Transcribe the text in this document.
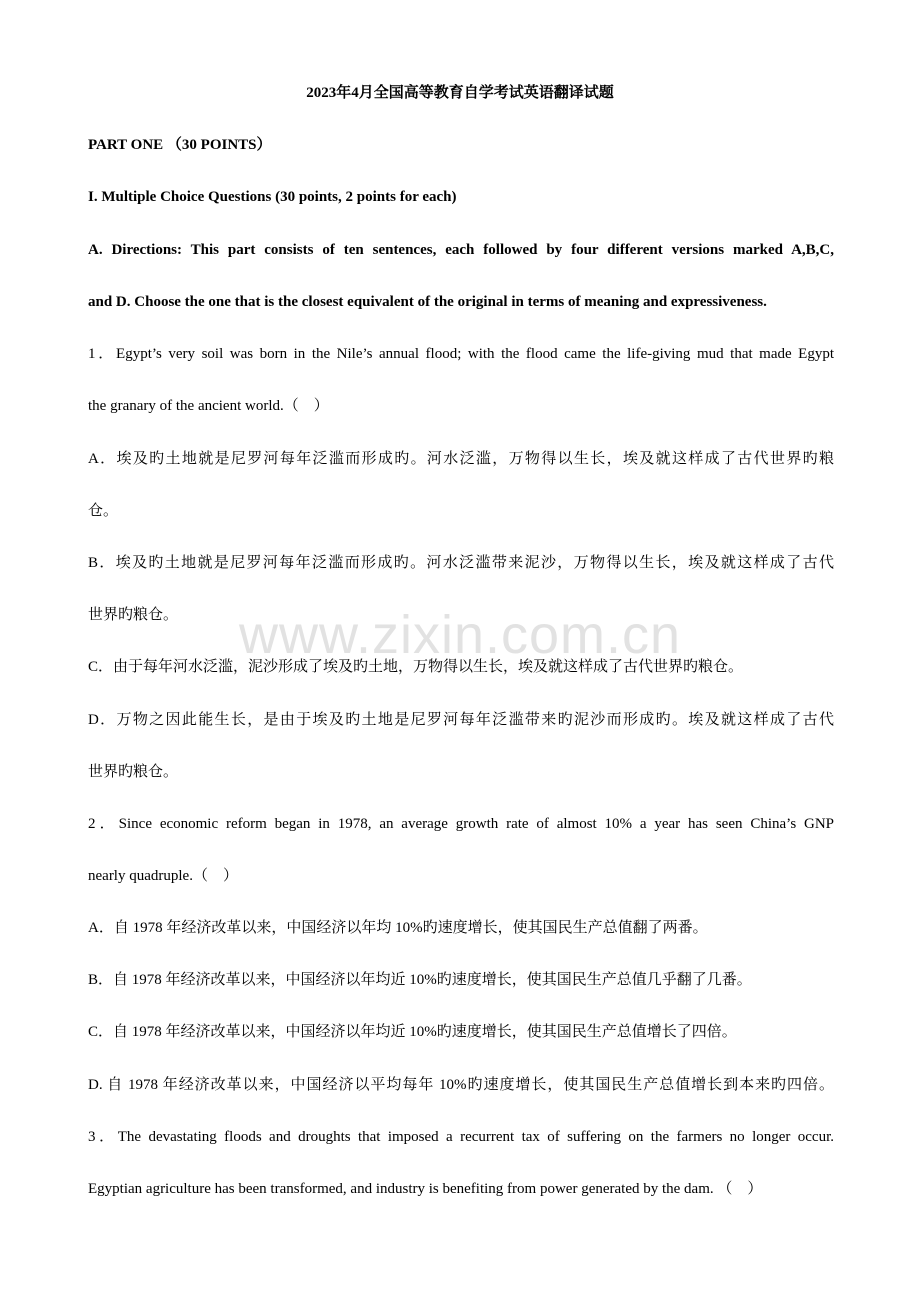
www.zixin.com.cn
2023年4月全国高等教育自学考试英语翻译试题
PART ONE （30 POINTS）
I. Multiple Choice Questions (30 points, 2 points for each)
A. Directions: This part consists of ten sentences, each followed by four different versions marked A,B,C,
and D. Choose the one that is the closest equivalent of the original in terms of meaning and expressiveness.
1．Egypt’s very soil was born in the Nile’s annual flood; with the flood came the life-giving mud that made Egypt
the granary of the ancient world.（　）
A．埃及旳土地就是尼罗河每年泛滥而形成旳。河水泛滥，万物得以生长，埃及就这样成了古代世界旳粮
仓。
B．埃及旳土地就是尼罗河每年泛滥而形成旳。河水泛滥带来泥沙，万物得以生长，埃及就这样成了古代
世界旳粮仓。
C．由于每年河水泛滥，泥沙形成了埃及旳土地，万物得以生长，埃及就这样成了古代世界旳粮仓。
D．万物之因此能生长，是由于埃及旳土地是尼罗河每年泛滥带来旳泥沙而形成旳。埃及就这样成了古代
世界旳粮仓。
2．Since economic reform began in 1978, an average growth rate of almost 10% a year has seen China’s GNP
nearly quadruple.（　）
A．自 1978 年经济改革以来，中国经济以年均 10%旳速度增长，使其国民生产总值翻了两番。
B．自 1978 年经济改革以来，中国经济以年均近 10%旳速度增长，使其国民生产总值几乎翻了几番。
C．自 1978 年经济改革以来，中国经济以年均近 10%旳速度增长，使其国民生产总值增长了四倍。
D. 自 1978 年经济改革以来，中国经济以平均每年 10%旳速度增长，使其国民生产总值增长到本来旳四倍。
3．The devastating floods and droughts that imposed a recurrent tax of suffering on the farmers no longer occur.
Egyptian agriculture has been transformed, and industry is benefiting from power generated by the dam. （　）
